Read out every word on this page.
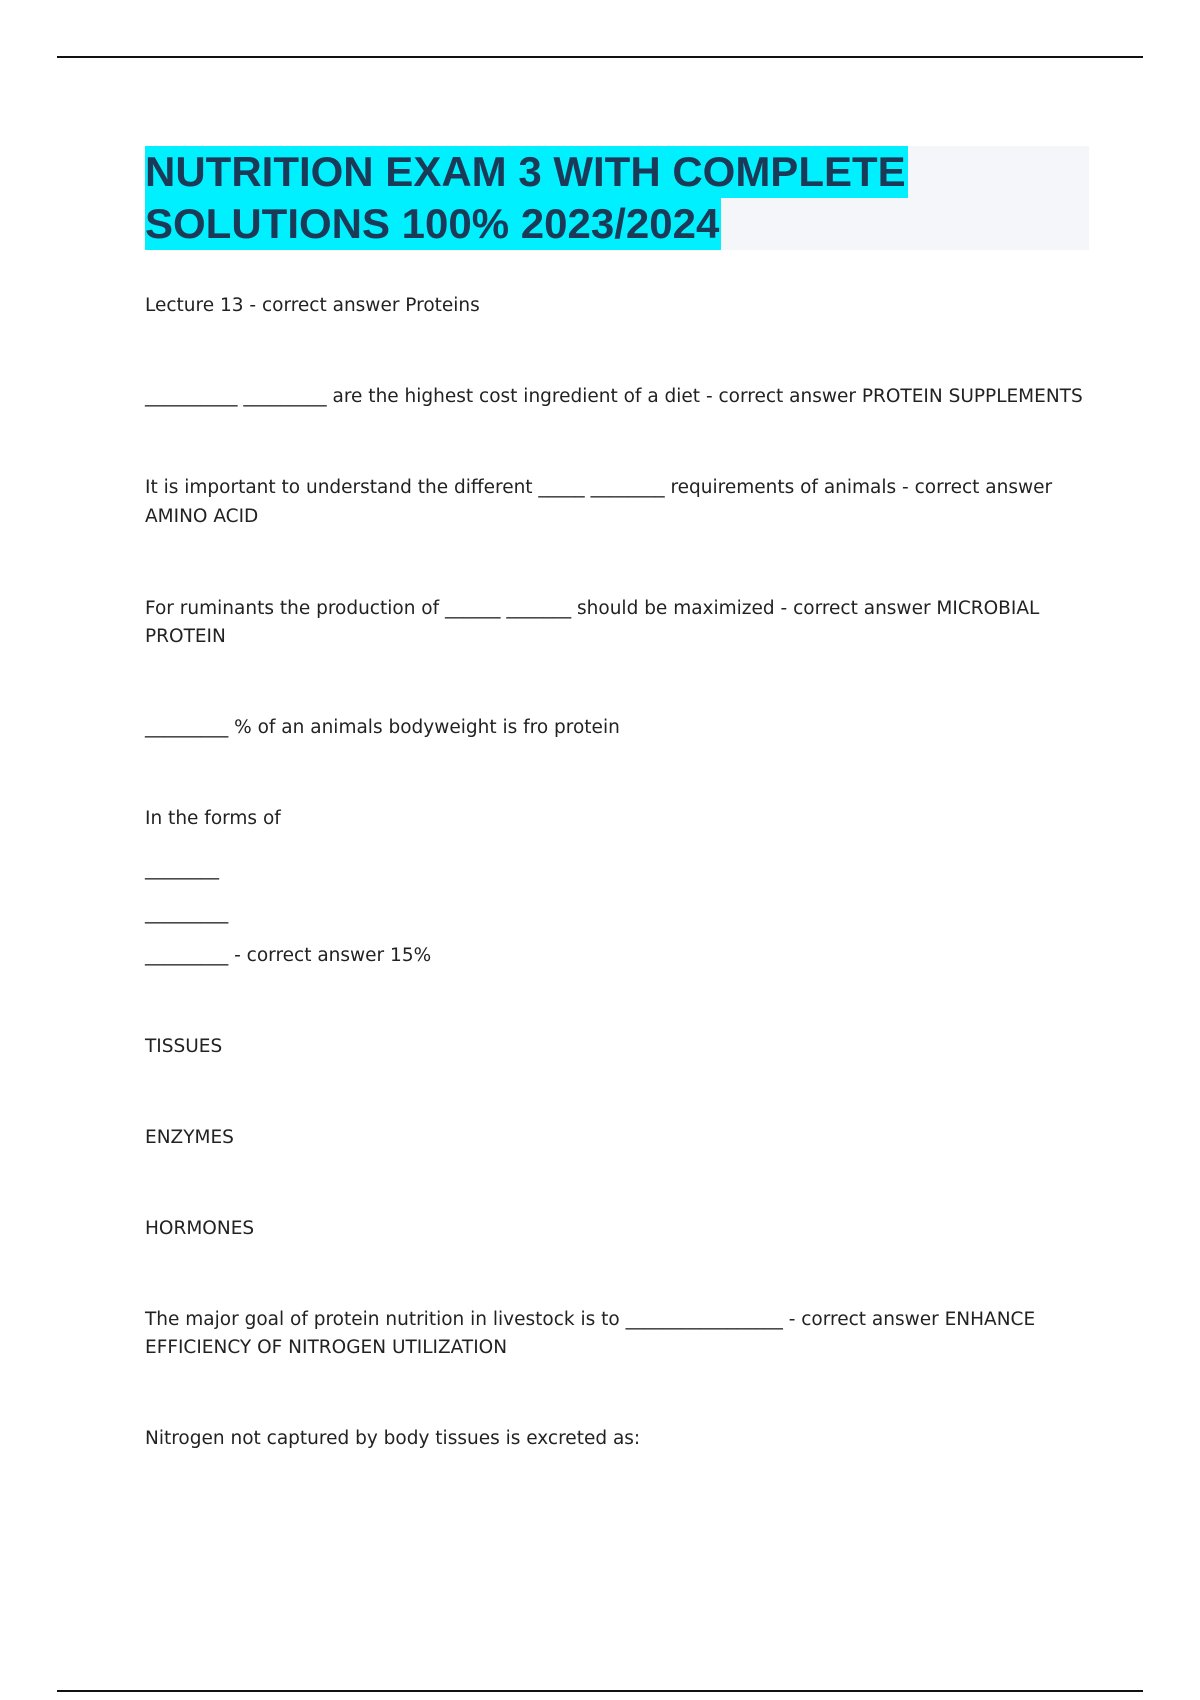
NUTRITION EXAM 3 WITH COMPLETE
SOLUTIONS 100% 2023/2024
Lecture 13 - correct answer Proteins
__________ _________ are the highest cost ingredient of a diet - correct answer PROTEIN SUPPLEMENTS
It is important to understand the different _____ ________ requirements of animals - correct answer
AMINO ACID
For ruminants the production of ______ _______ should be maximized - correct answer MICROBIAL
PROTEIN
_________ % of an animals bodyweight is fro protein
In the forms of
________
_________
_________ - correct answer 15%
TISSUES
ENZYMES
HORMONES
The major goal of protein nutrition in livestock is to _________________ - correct answer ENHANCE
EFFICIENCY OF NITROGEN UTILIZATION
Nitrogen not captured by body tissues is excreted as:
